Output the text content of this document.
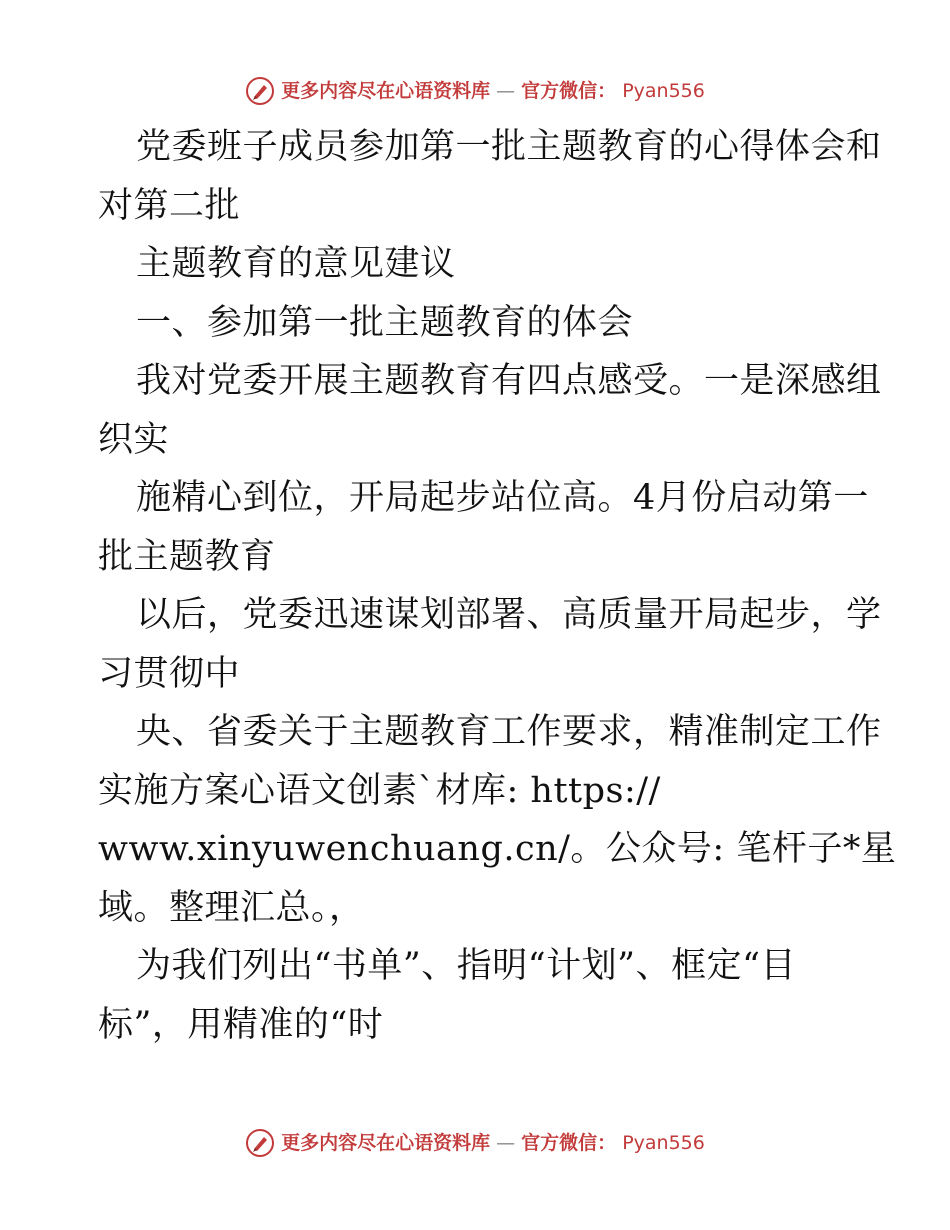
更多内容尽在心语资料库 — 官方微信： Pyan556

党委班子成员参加第一批主题教育的心得体会和

对第二批

主题教育的意见建议

一、参加第一批主题教育的体会

我对党委开展主题教育有四点感受。一是深感组

织实

施精心到位，开局起步站位高。4月份启动第一

批主题教育

以后，党委迅速谋划部署、高质量开局起步，学

习贯彻中

央、省委关于主题教育工作要求，精准制定工作

实施方案心语文创素`材库: https://

www.xinyuwenchuang.cn/。公众号: 笔杆子*星

域。整理汇总。，

为我们列出“书单”、指明“计划”、框定“目

标”，用精准的“时

更多内容尽在心语资料库 — 官方微信： Pyan556
